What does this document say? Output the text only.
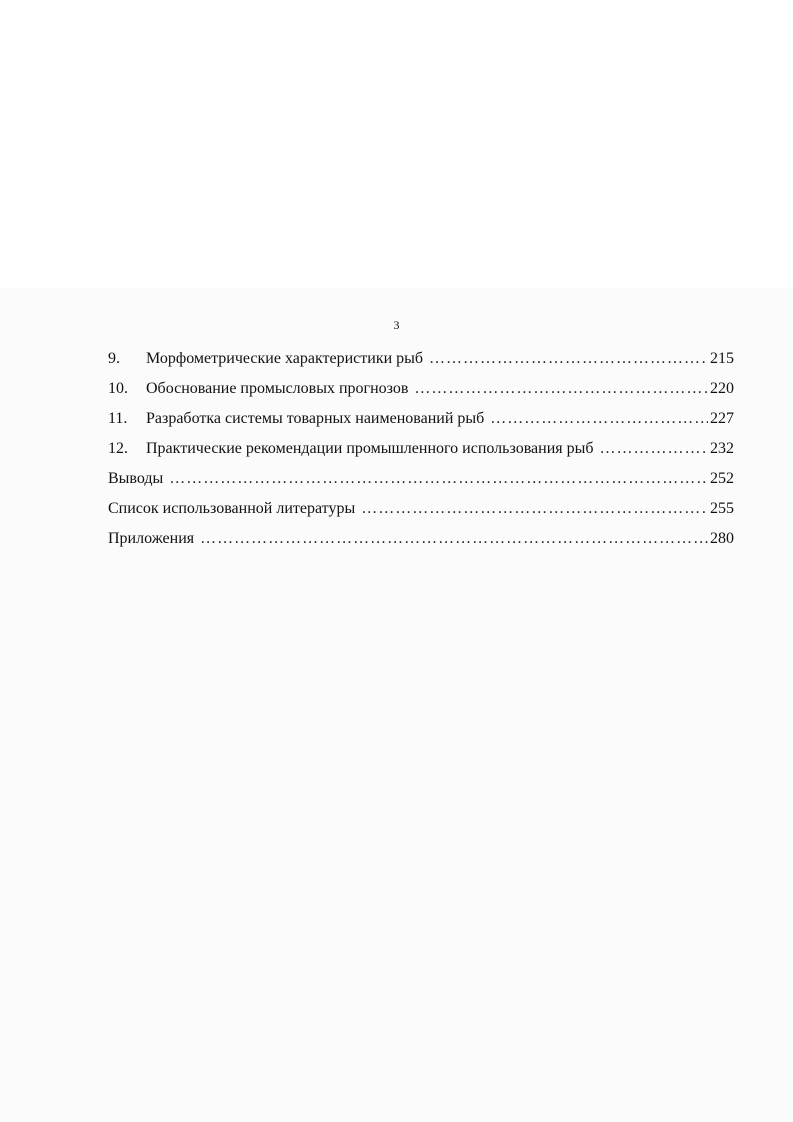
3
9.	Морфометрические характеристики рыб ……………………………………………………………………………………………………………………………………………………………………	215
10.	Обоснование промысловых прогнозов ……………………………………………………………………………………………………………………………………………………………………	220
11.	Разработка системы товарных наименований рыб ……………………………………………………………………………………………………………………………………………………………………	227
12.	Практические рекомендации промышленного использования рыб ……………………………………………………………………………………………………………………………………………………………………	232
Выводы ……………………………………………………………………………………………………………………………………………………………………	252
Список использованной литературы ……………………………………………………………………………………………………………………………………………………………………	255
Приложения ……………………………………………………………………………………………………………………………………………………………………	280
